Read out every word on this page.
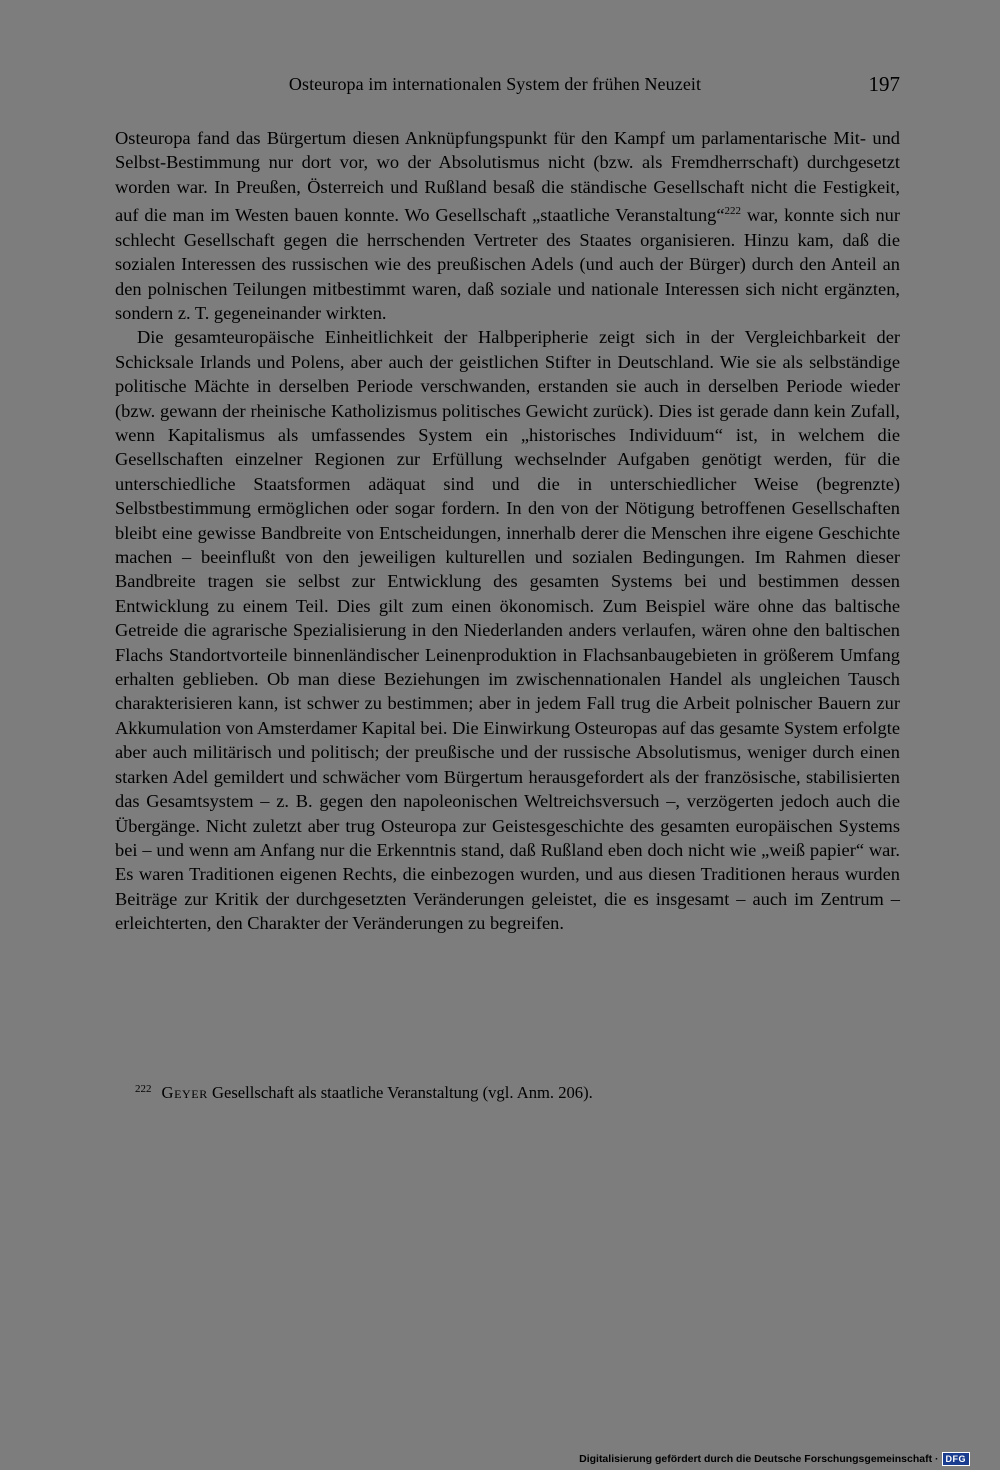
Osteuropa im internationalen System der frühen Neuzeit	197

Osteuropa fand das Bürgertum diesen Anknüpfungspunkt für den Kampf um parlamentarische Mit- und Selbst-Bestimmung nur dort vor, wo der Absolutismus nicht (bzw. als Fremdherrschaft) durchgesetzt worden war. In Preußen, Österreich und Rußland besaß die ständische Gesellschaft nicht die Festigkeit, auf die man im Westen bauen konnte. Wo Gesellschaft „staatliche Veranstaltung“$^{222}$ war, konnte sich nur schlecht Gesellschaft gegen die herrschenden Vertreter des Staates organisieren. Hinzu kam, daß die sozialen Interessen des russischen wie des preußischen Adels (und auch der Bürger) durch den Anteil an den polnischen Teilungen mitbestimmt waren, daß soziale und nationale Interessen sich nicht ergänzten, sondern z. T. gegeneinander wirkten.

Die gesamteuropäische Einheitlichkeit der Halbperipherie zeigt sich in der Vergleichbarkeit der Schicksale Irlands und Polens, aber auch der geistlichen Stifter in Deutschland. Wie sie als selbständige politische Mächte in derselben Periode verschwanden, erstanden sie auch in derselben Periode wieder (bzw. gewann der rheinische Katholizismus politisches Gewicht zurück). Dies ist gerade dann kein Zufall, wenn Kapitalismus als umfassendes System ein „historisches Individuum“ ist, in welchem die Gesellschaften einzelner Regionen zur Erfüllung wechselnder Aufgaben genötigt werden, für die unterschiedliche Staatsformen adäquat sind und die in unterschiedlicher Weise (begrenzte) Selbstbestimmung ermöglichen oder sogar fordern. In den von der Nötigung betroffenen Gesellschaften bleibt eine gewisse Bandbreite von Entscheidungen, innerhalb derer die Menschen ihre eigene Geschichte machen – beeinflußt von den jeweiligen kulturellen und sozialen Bedingungen. Im Rahmen dieser Bandbreite tragen sie selbst zur Entwicklung des gesamten Systems bei und bestimmen dessen Entwicklung zu einem Teil. Dies gilt zum einen ökonomisch. Zum Beispiel wäre ohne das baltische Getreide die agrarische Spezialisierung in den Niederlanden anders verlaufen, wären ohne den baltischen Flachs Standortvorteile binnenländischer Leinenproduktion in Flachsanbaugebieten in größerem Umfang erhalten geblieben. Ob man diese Beziehungen im zwischennationalen Handel als ungleichen Tausch charakterisieren kann, ist schwer zu bestimmen; aber in jedem Fall trug die Arbeit polnischer Bauern zur Akkumulation von Amsterdamer Kapital bei. Die Einwirkung Osteuropas auf das gesamte System erfolgte aber auch militärisch und politisch; der preußische und der russische Absolutismus, weniger durch einen starken Adel gemildert und schwächer vom Bürgertum herausgefordert als der französische, stabilisierten das Gesamtsystem – z. B. gegen den napoleonischen Weltreichsversuch –, verzögerten jedoch auch die Übergänge. Nicht zuletzt aber trug Osteuropa zur Geistesgeschichte des gesamten europäischen Systems bei – und wenn am Anfang nur die Erkenntnis stand, daß Rußland eben doch nicht wie „weiß papier“ war. Es waren Traditionen eigenen Rechts, die einbezogen wurden, und aus diesen Traditionen heraus wurden Beiträge zur Kritik der durchgesetzten Veränderungen geleistet, die es insgesamt – auch im Zentrum – erleichterten, den Charakter der Veränderungen zu begreifen.

$^{222}$ Geyer Gesellschaft als staatliche Veranstaltung (vgl. Anm. 206).
Digitalisierung gefördert durch die Deutsche Forschungsgemeinschaft · DFG
